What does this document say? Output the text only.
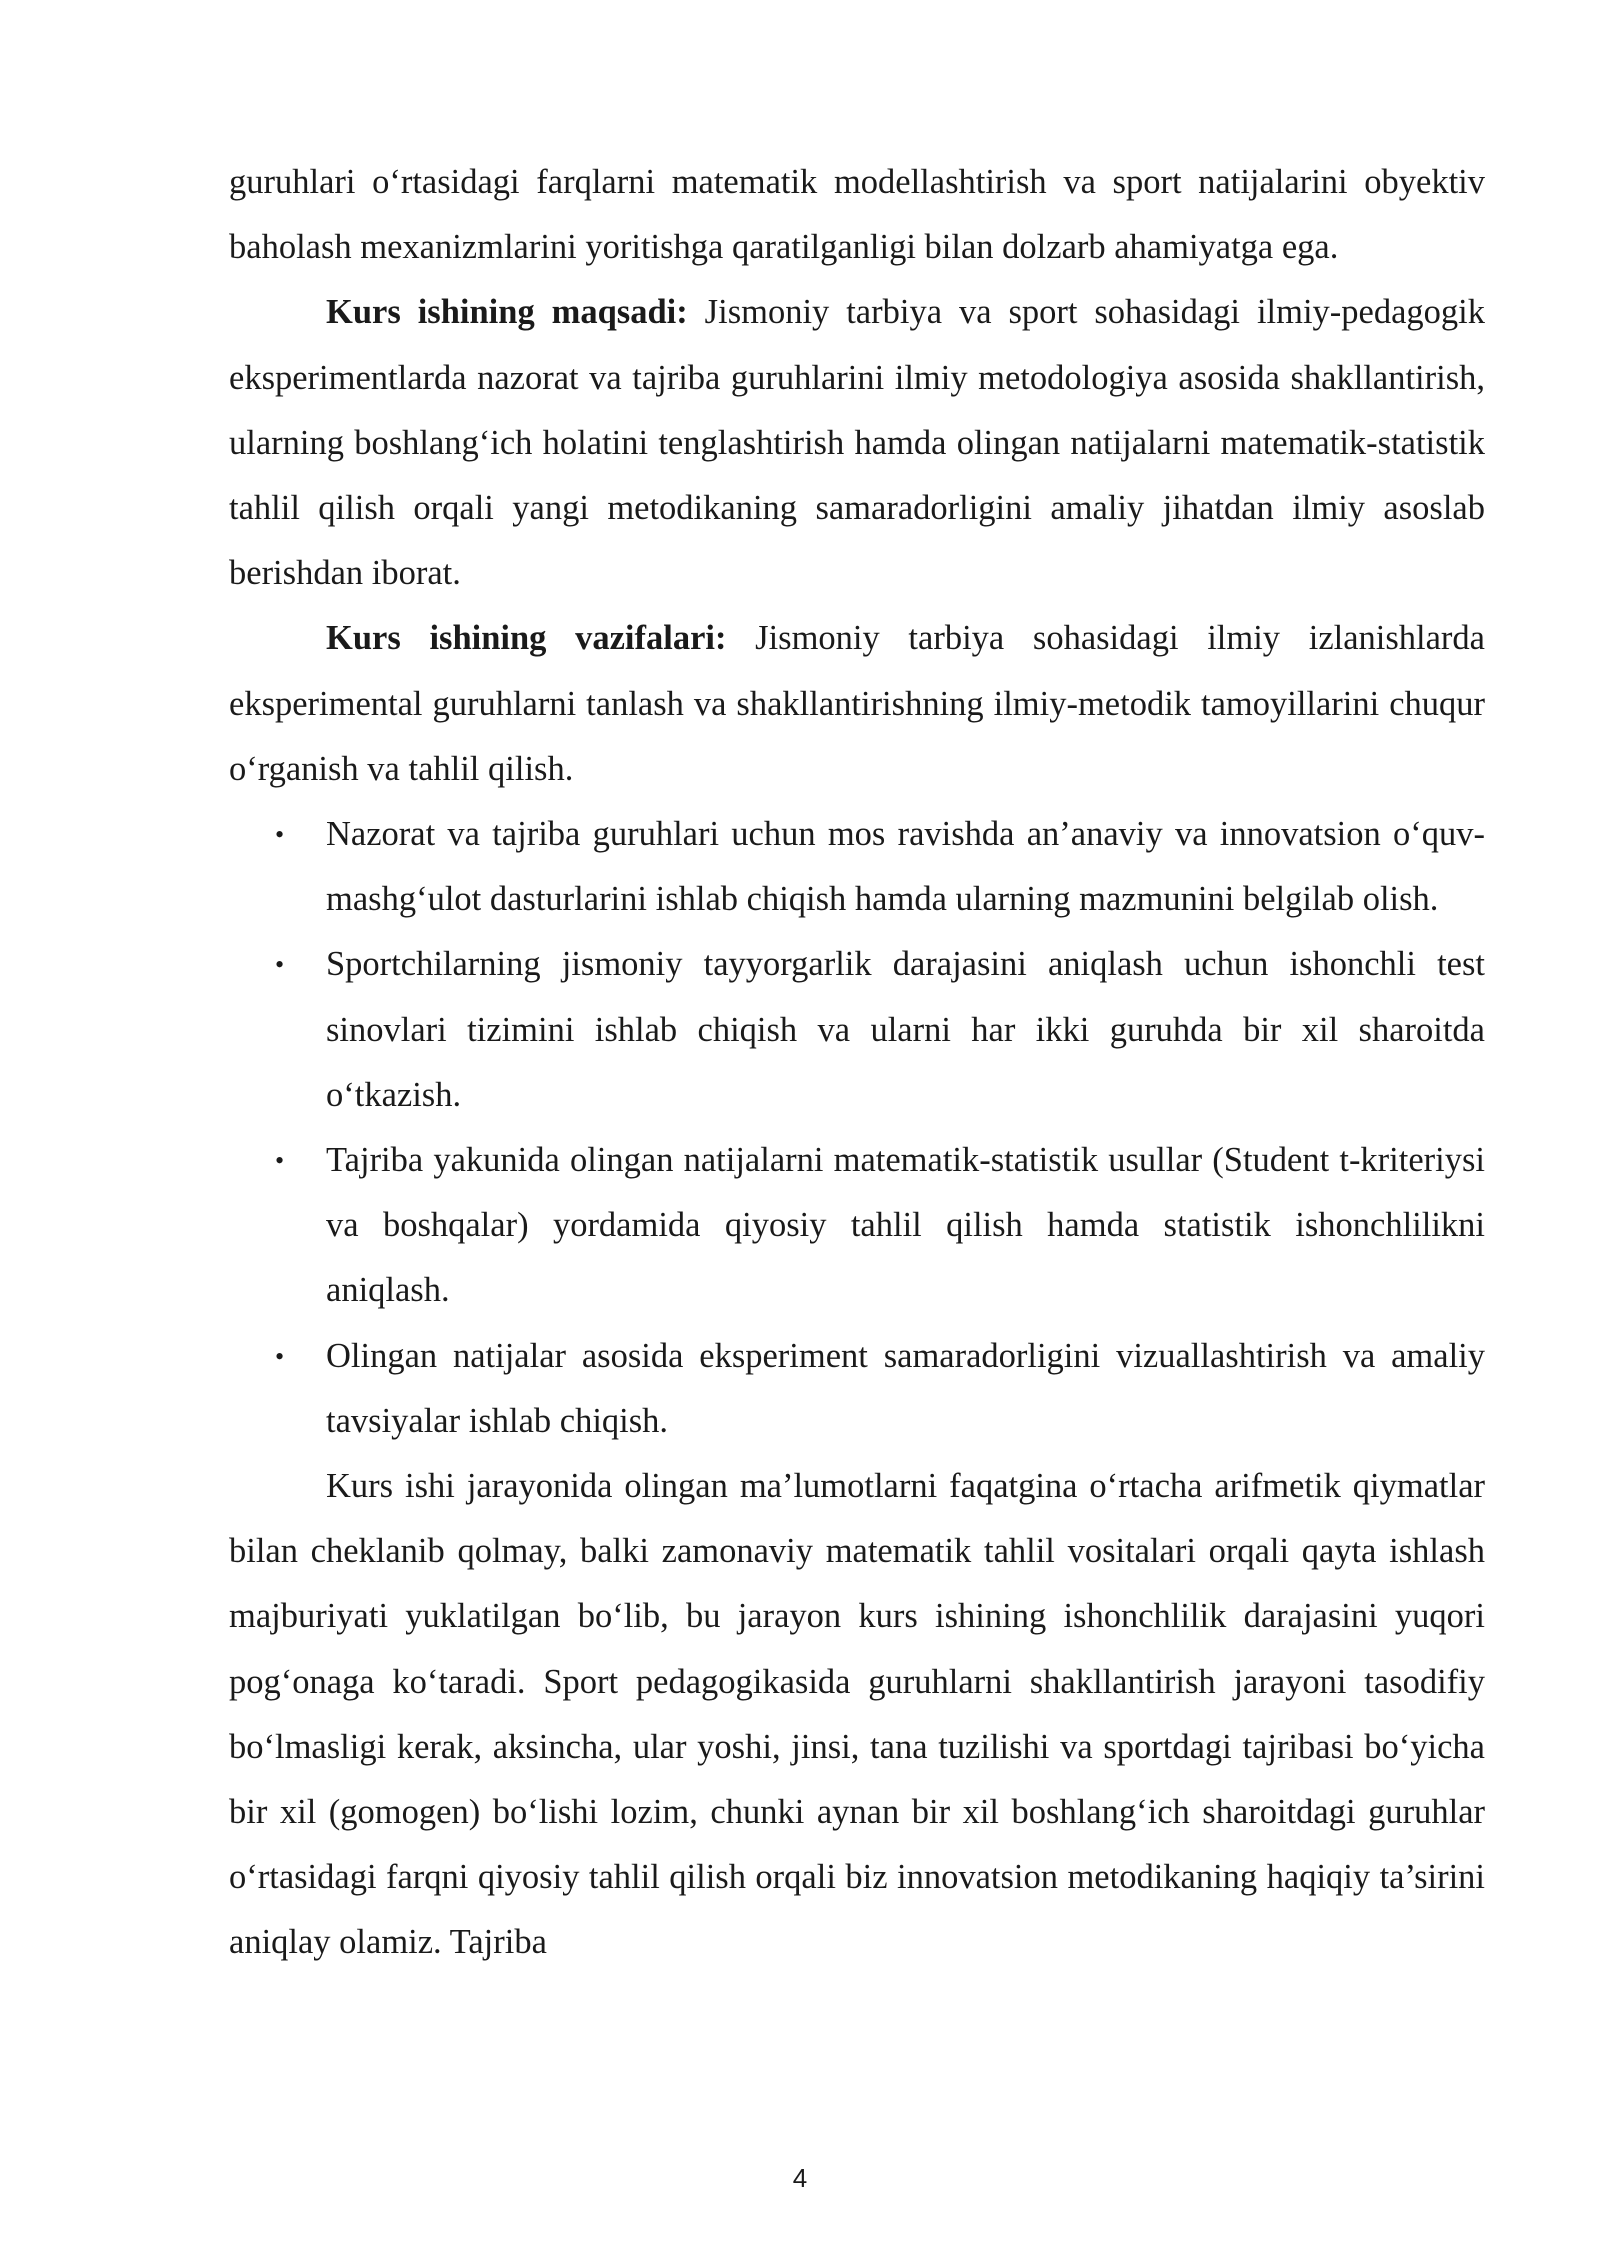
guruhlari o‘rtasidagi farqlarni matematik modellashtirish va sport natijalarini obyektiv baholash mexanizmlarini yoritishga qaratilganligi bilan dolzarb ahamiyatga ega.

Kurs ishining maqsadi: Jismoniy tarbiya va sport sohasidagi ilmiy-pedagogik eksperimentlarda nazorat va tajriba guruhlarini ilmiy metodologiya asosida shakllantirish, ularning boshlang‘ich holatini tenglashtirish hamda olingan natijalarni matematik-statistik tahlil qilish orqali yangi metodikaning samaradorligini amaliy jihatdan ilmiy asoslab berishdan iborat.

Kurs ishining vazifalari: Jismoniy tarbiya sohasidagi ilmiy izlanishlarda eksperimental guruhlarni tanlash va shakllantirishning ilmiy-metodik tamoyillarini chuqur o‘rganish va tahlil qilish.

• Nazorat va tajriba guruhlari uchun mos ravishda an’anaviy va innovatsion o‘quv-mashg‘ulot dasturlarini ishlab chiqish hamda ularning mazmunini belgilab olish.
• Sportchilarning jismoniy tayyorgarlik darajasini aniqlash uchun ishonchli test sinovlari tizimini ishlab chiqish va ularni har ikki guruhda bir xil sharoitda o‘tkazish.
• Tajriba yakunida olingan natijalarni matematik-statistik usullar (Student t-kriteriysi va boshqalar) yordamida qiyosiy tahlil qilish hamda statistik ishonchlilikni aniqlash.
• Olingan natijalar asosida eksperiment samaradorligini vizuallashtirish va amaliy tavsiyalar ishlab chiqish.

Kurs ishi jarayonida olingan ma’lumotlarni faqatgina o‘rtacha arifmetik qiymatlar bilan cheklanib qolmay, balki zamonaviy matematik tahlil vositalari orqali qayta ishlash majburiyati yuklatilgan bo‘lib, bu jarayon kurs ishining ishonchlilik darajasini yuqori pog‘onaga ko‘taradi. Sport pedagogikasida guruhlarni shakllantirish jarayoni tasodifiy bo‘lmasligi kerak, aksincha, ular yoshi, jinsi, tana tuzilishi va sportdagi tajribasi bo‘yicha bir xil (gomogen) bo‘lishi lozim, chunki aynan bir xil boshlang‘ich sharoitdagi guruhlar o‘rtasidagi farqni qiyosiy tahlil qilish orqali biz innovatsion metodikaning haqiqiy ta’sirini aniqlay olamiz. Tajriba

4
